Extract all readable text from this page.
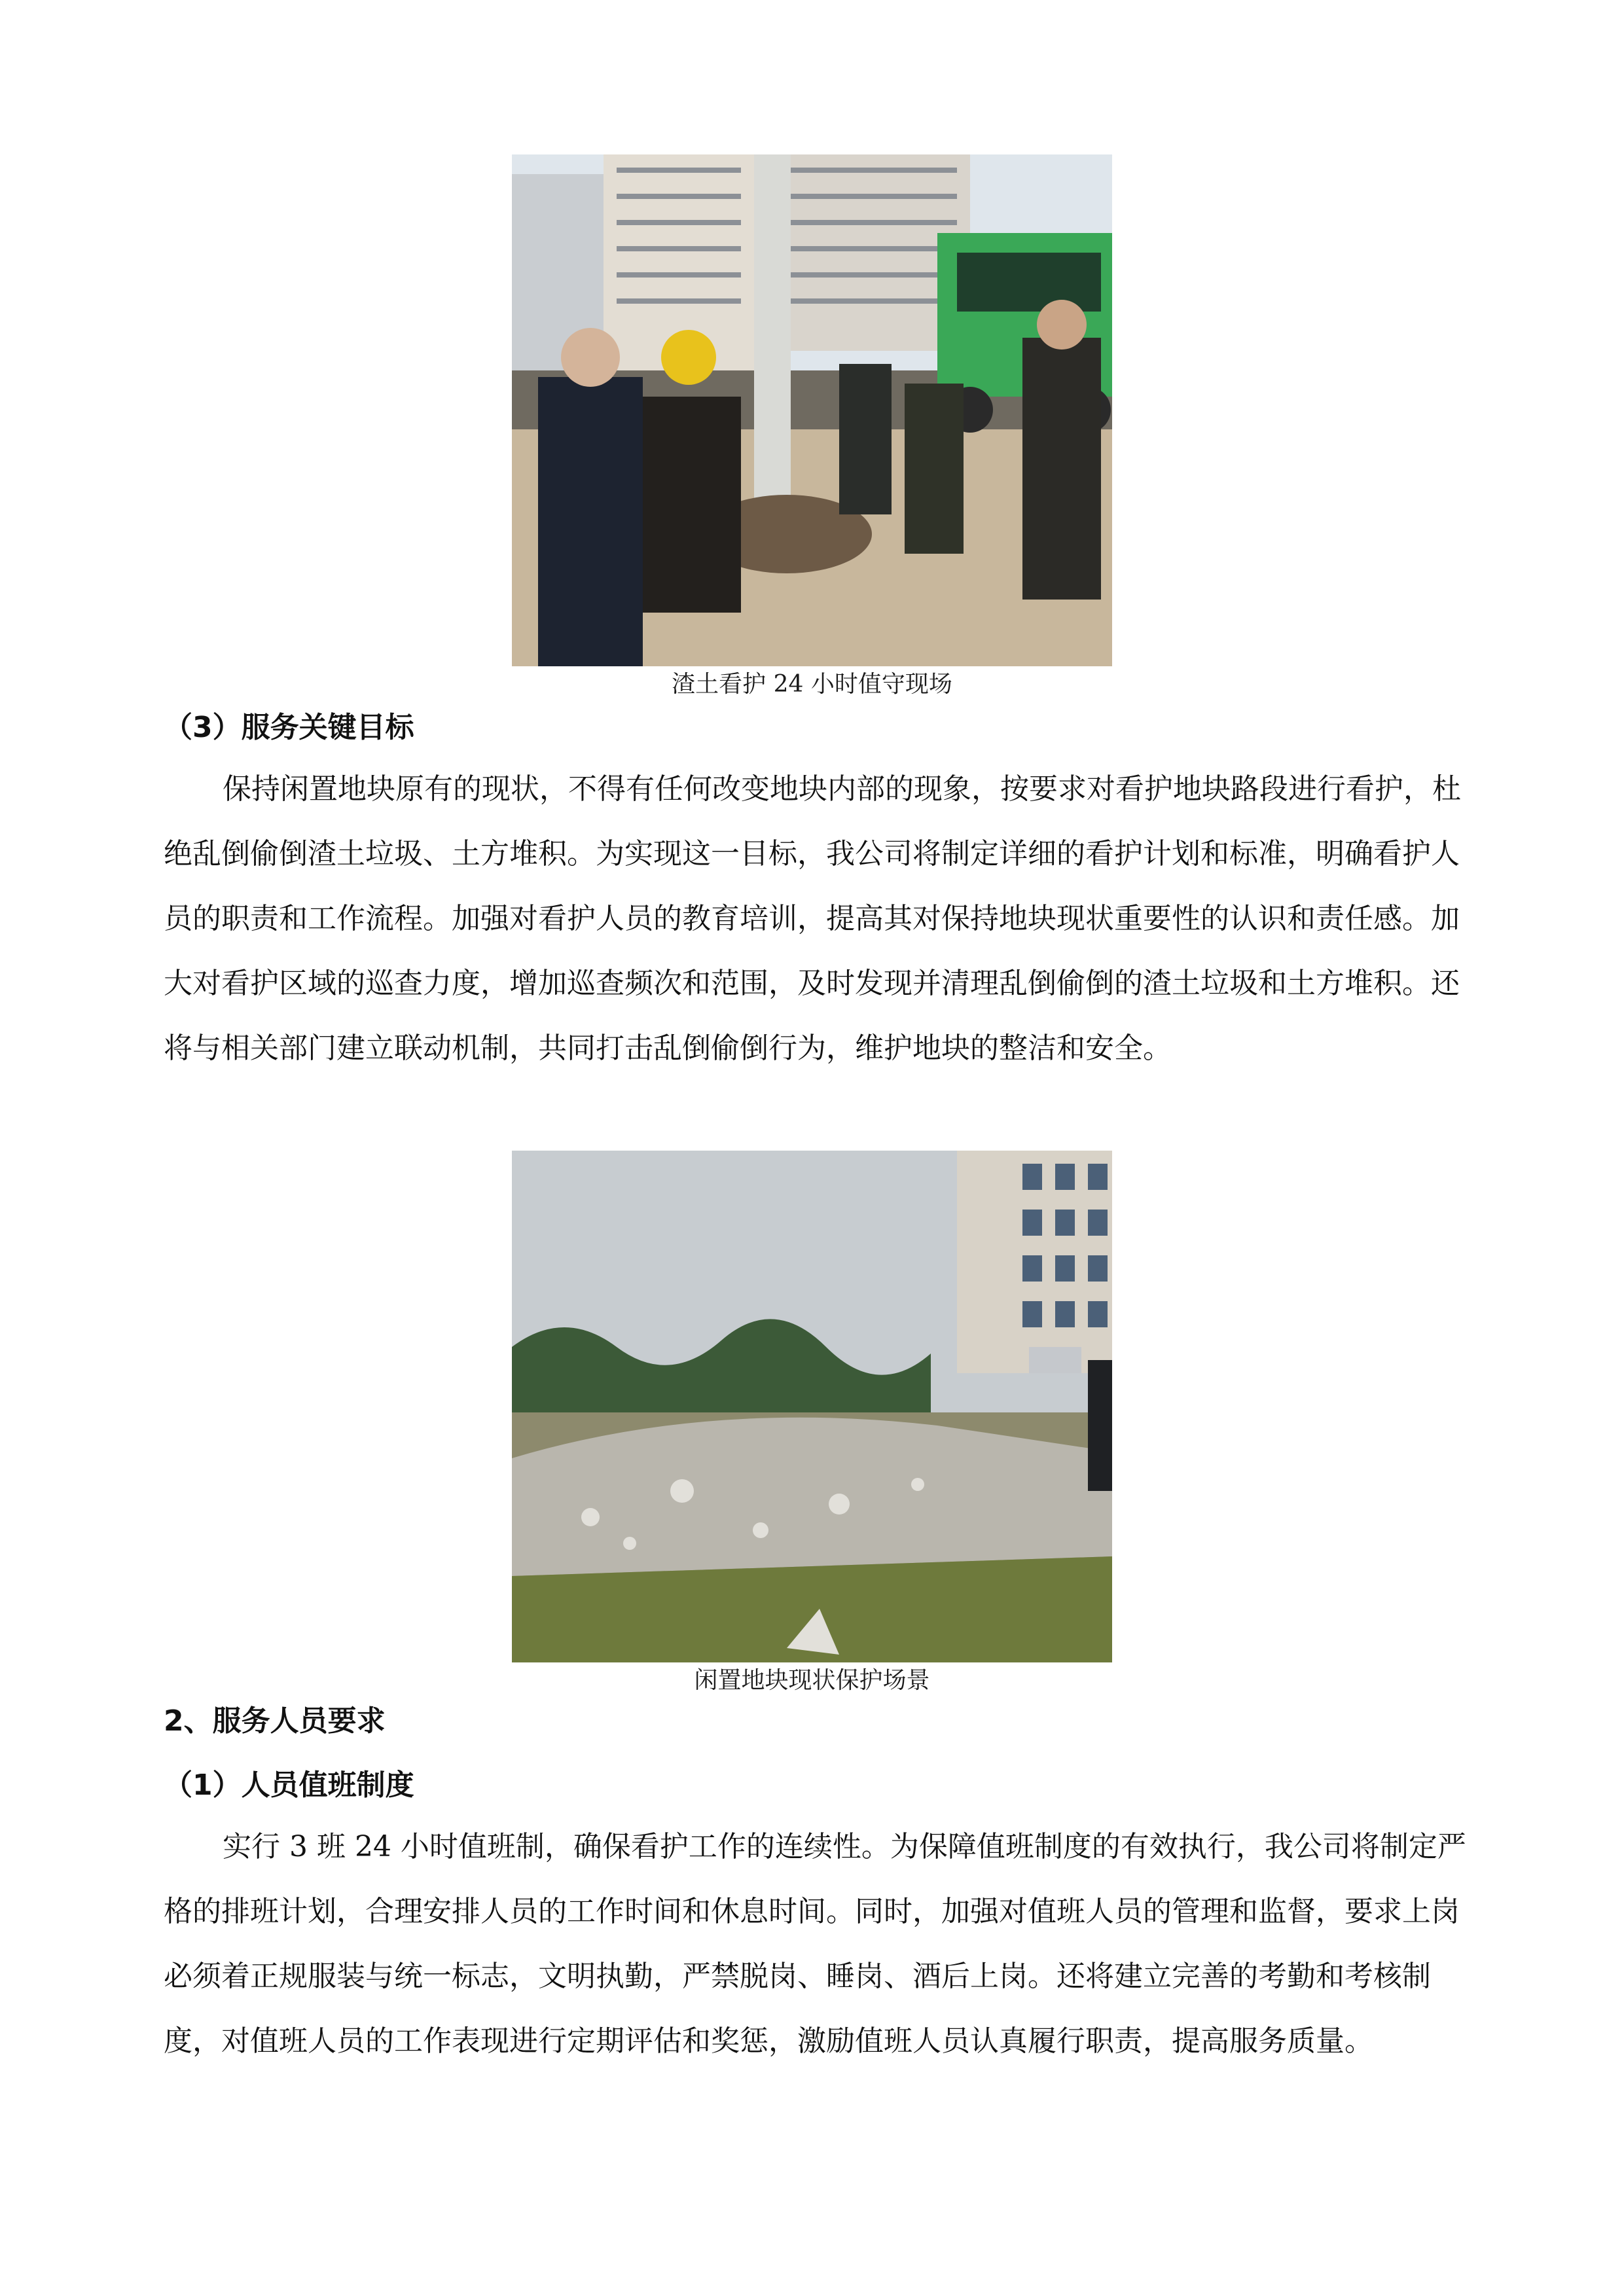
渣土看护 24 小时值守现场
（3）服务关键目标

保持闲置地块原有的现状，不得有任何改变地块内部的现象，按要求对看护地块路段进行看护，杜绝乱倒偷倒渣土垃圾、土方堆积。为实现这一目标，我公司将制定详细的看护计划和标准，明确看护人员的职责和工作流程。加强对看护人员的教育培训，提高其对保持地块现状重要性的认识和责任感。加大对看护区域的巡查力度，增加巡查频次和范围，及时发现并清理乱倒偷倒的渣土垃圾和土方堆积。还将与相关部门建立联动机制，共同打击乱倒偷倒行为，维护地块的整洁和安全。

闲置地块现状保护场景
2、服务人员要求
（1）人员值班制度

实行 3 班 24 小时值班制，确保看护工作的连续性。为保障值班制度的有效执行，我公司将制定严格的排班计划，合理安排人员的工作时间和休息时间。同时，加强对值班人员的管理和监督，要求上岗必须着正规服装与统一标志，文明执勤，严禁脱岗、睡岗、酒后上岗。还将建立完善的考勤和考核制度，对值班人员的工作表现进行定期评估和奖惩，激励值班人员认真履行职责，提高服务质量。
